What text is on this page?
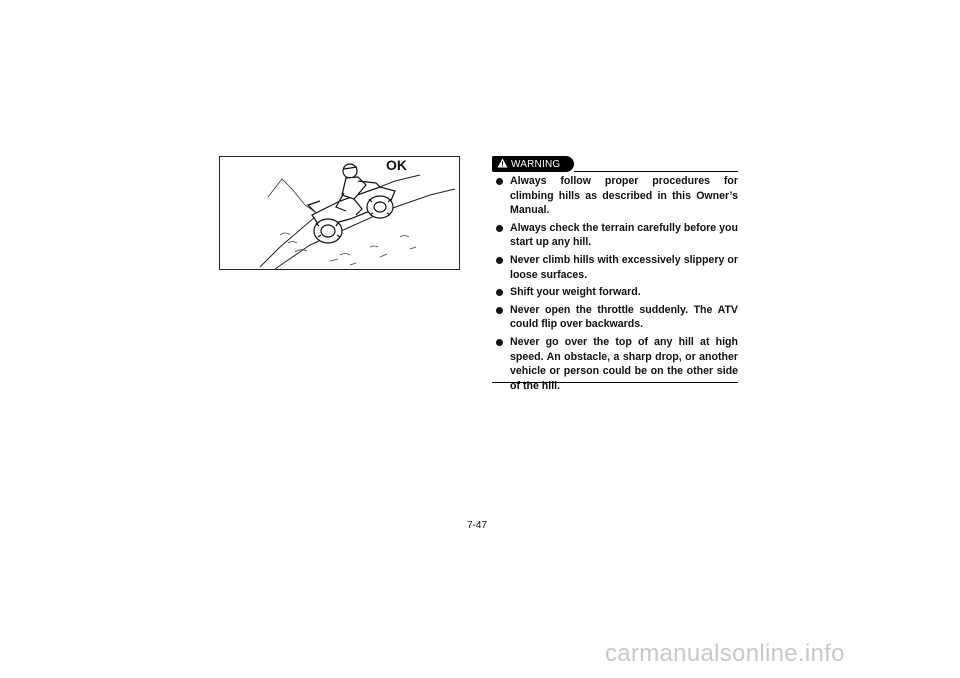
OK	WARNING
Always follow proper procedures for climbing hills as described in this Owner’s Manual.
Always check the terrain carefully before you start up any hill.
Never climb hills with excessively slippery or loose surfaces.
Shift your weight forward.
Never open the throttle suddenly. The ATV could flip over backwards.
Never go over the top of any hill at high speed. An obstacle, a sharp drop, or another vehicle or person could be on the other side of the hill.
7-47
carmanualsonline.info
